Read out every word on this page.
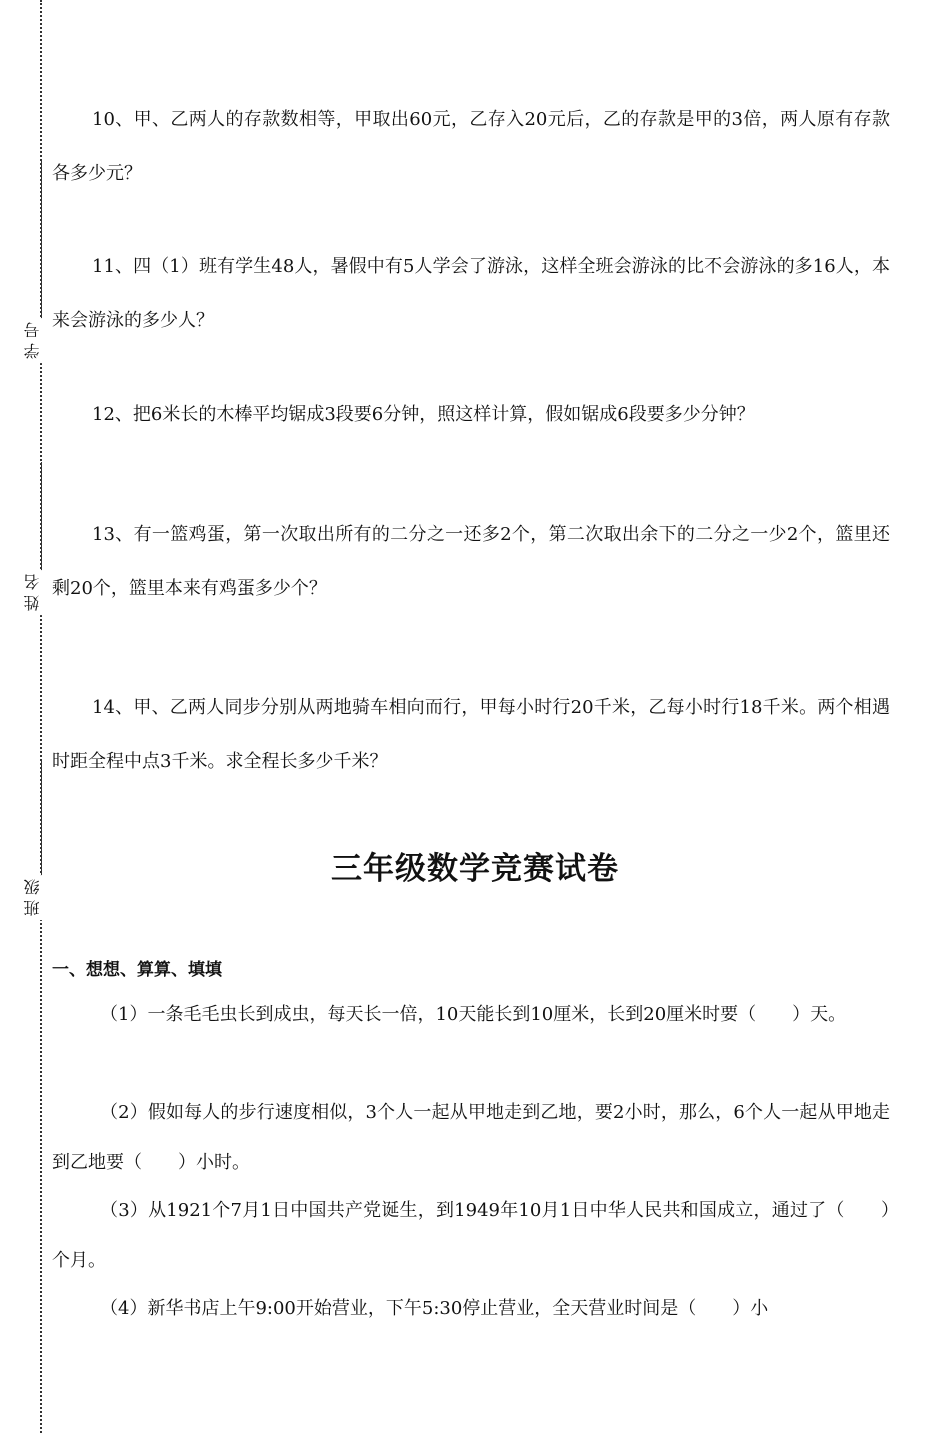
学 号
姓 名
班 级

10、甲、乙两人的存款数相等，甲取出60元，乙存入20元后，乙的存款是甲的3倍，两人原有存款各多少元？

11、四（1）班有学生48人，暑假中有5人学会了游泳，这样全班会游泳的比不会游泳的多16人，本来会游泳的多少人？

12、把6米长的木棒平均锯成3段要6分钟，照这样计算，假如锯成6段要多少分钟？

13、有一篮鸡蛋，第一次取出所有的二分之一还多2个，第二次取出余下的二分之一少2个，篮里还剩20个，篮里本来有鸡蛋多少个？

14、甲、乙两人同步分别从两地骑车相向而行，甲每小时行20千米，乙每小时行18千米。两个相遇时距全程中点3千米。求全程长多少千米？

三年级数学竞赛试卷
一、想想、算算、填填

（1）一条毛毛虫长到成虫，每天长一倍，10天能长到10厘米，长到20厘米时要（　　）天。

（2）假如每人的步行速度相似，3个人一起从甲地走到乙地，要2小时，那么，6个人一起从甲地走到乙地要（　　）小时。

（3）从1921个7月1日中国共产党诞生，到1949年10月1日中华人民共和国成立，通过了（　　）个月。

（4）新华书店上午9:00开始营业，下午5:30停止营业，全天营业时间是（　　）小
